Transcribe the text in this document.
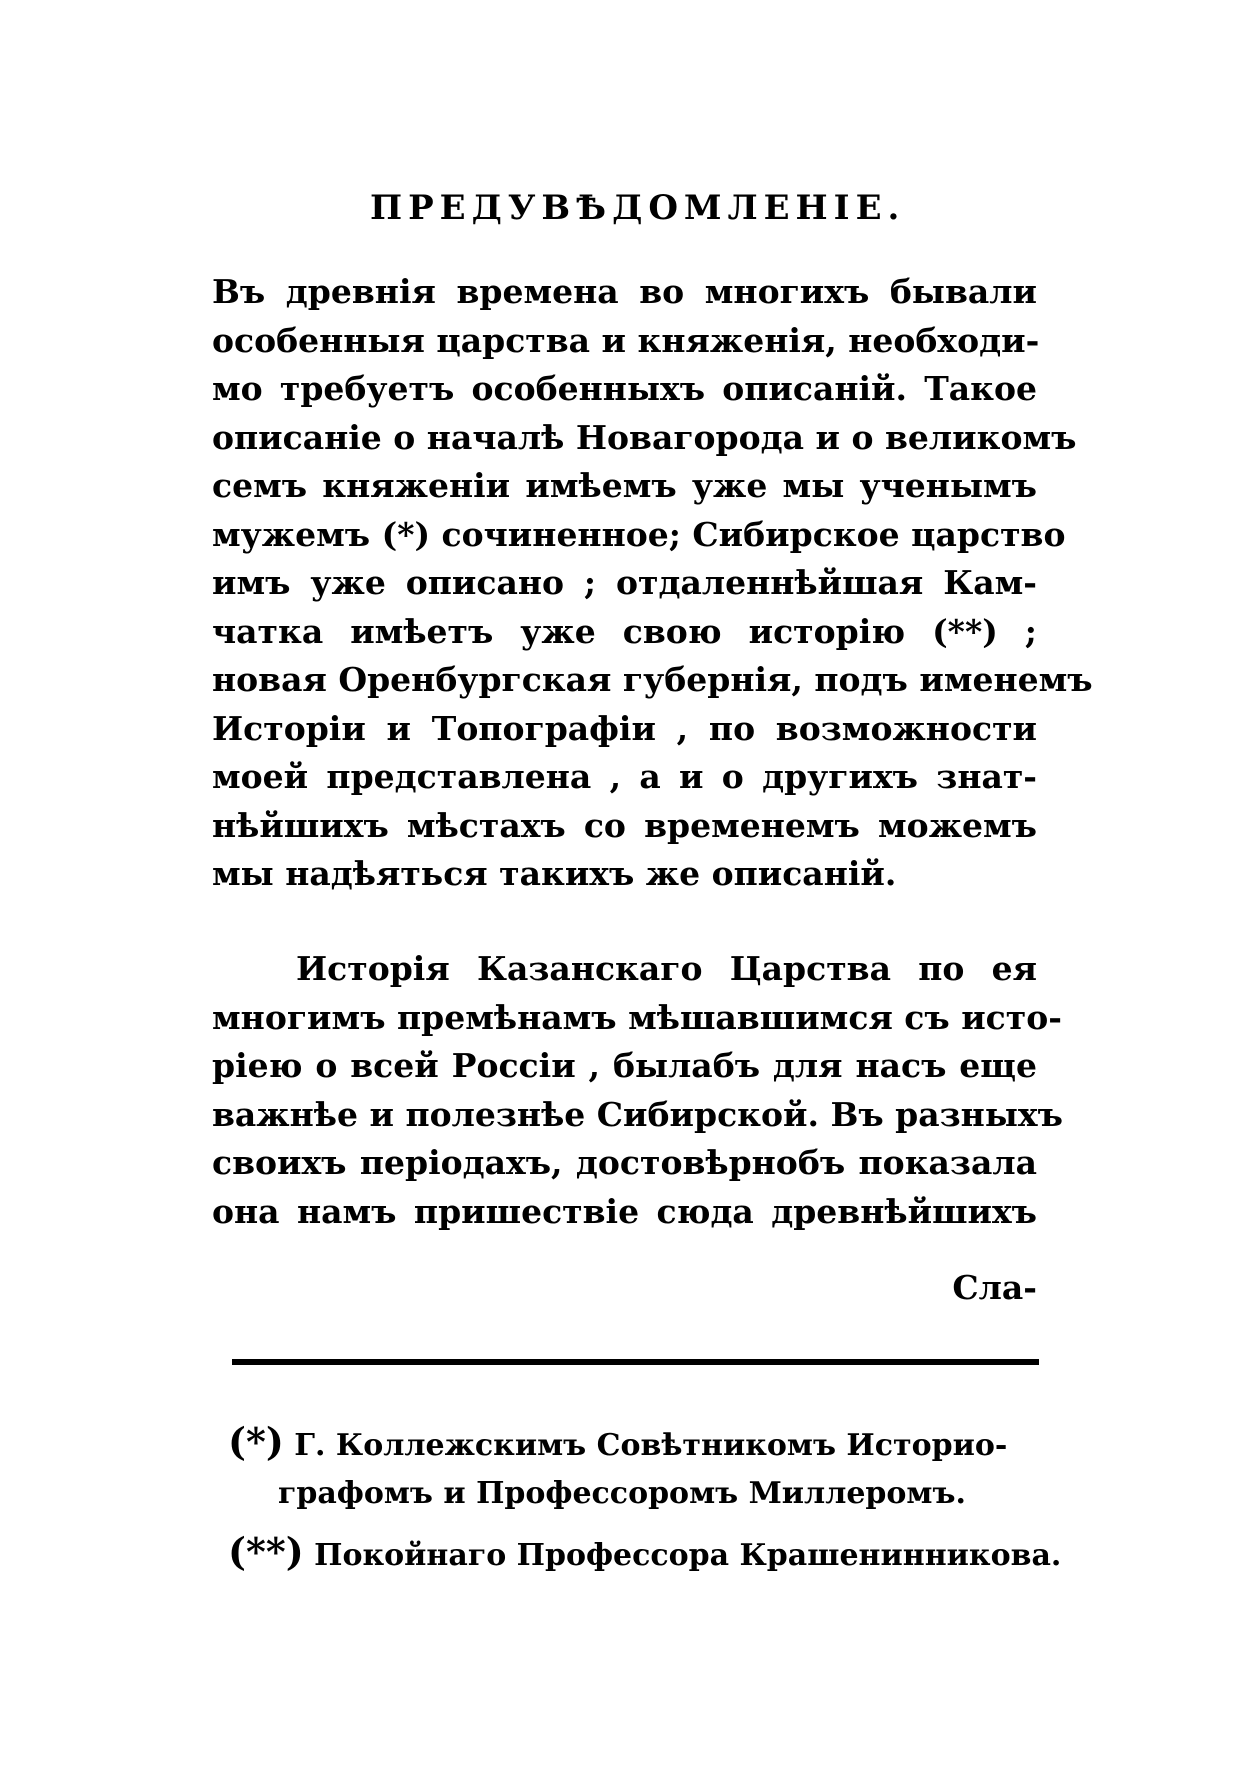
ПРЕДУВѢДОМЛЕНІЕ.
Въ древнія времена во многихъ бывали
особенныя царства и княженія, необходи-
мо требуетъ особенныхъ описаній. Такое
описаніе о началѣ Новагорода и о великомъ
семъ княженіи имѣемъ уже мы ученымъ
мужемъ (*) сочиненное; Сибирское царство
имъ уже описано ; отдаленнѣйшая Кам-
чатка имѣетъ уже свою исторію (**) ;
новая Оренбургская губернія, подъ именемъ
Исторіи и Топографіи , по возможности
моей представлена , а и о другихъ знат-
нѣйшихъ мѣстахъ со временемъ можемъ
мы надѣяться такихъ же описаній.
Исторія Казанскаго Царства по ея
многимъ премѣнамъ мѣшавшимся съ исто-
ріею о всей Россіи , былабъ для насъ еще
важнѣе и полезнѣе Сибирской. Въ разныхъ
своихъ періодахъ, достовѣрнобъ показала
она намъ пришествіе сюда древнѣйшихъ
Сла-
(*) Г. Коллежскимъ Совѣтникомъ Историо-
графомъ и Профессоромъ Миллеромъ.
(**) Покойнаго Профессора Крашенинникова.
